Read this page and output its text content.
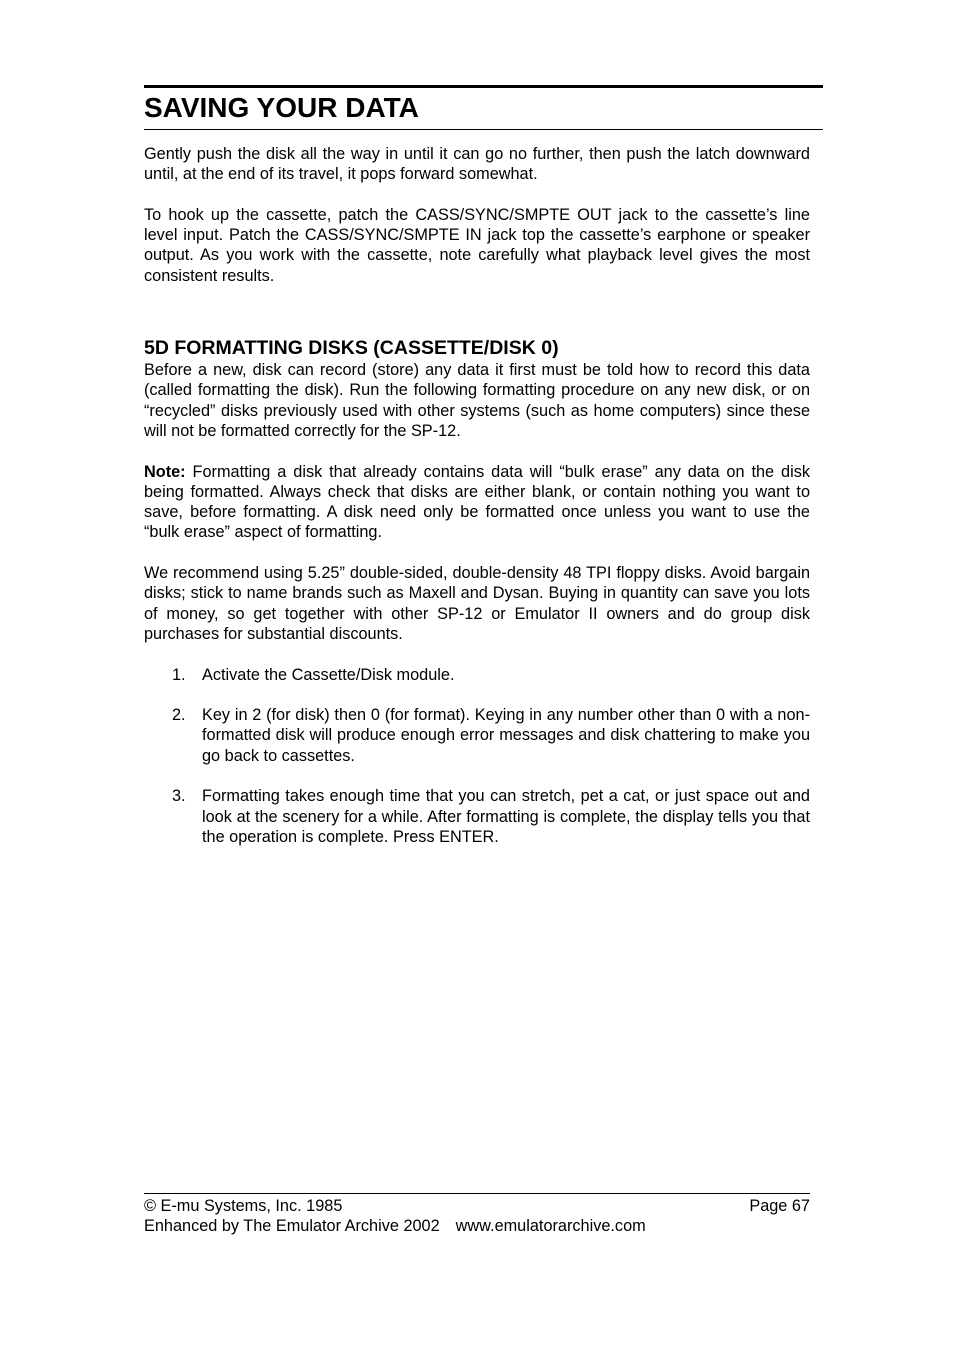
SAVING YOUR DATA

Gently push the disk all the way in until it can go no further, then push the latch downward until, at the end of its travel, it pops forward somewhat.

To hook up the cassette, patch the CASS/SYNC/SMPTE OUT jack to the cassette’s line level input. Patch the CASS/SYNC/SMPTE IN jack top the cassette’s earphone or speaker output. As you work with the cassette, note carefully what playback level gives the most consistent results.

5D FORMATTING DISKS (CASSETTE/DISK 0)

Before a new, disk can record (store) any data it first must be told how to record this data (called formatting the disk). Run the following formatting procedure on any new disk, or on “recycled” disks previously used with other systems (such as home computers) since these will not be formatted correctly for the SP-12.

Note: Formatting a disk that already contains data will “bulk erase” any data on the disk being formatted. Always check that disks are either blank, or contain nothing you want to save, before formatting. A disk need only be formatted once unless you want to use the “bulk erase” aspect of formatting.

We recommend using 5.25” double-sided, double-density 48 TPI floppy disks. Avoid bargain disks; stick to name brands such as Maxell and Dysan. Buying in quantity can save you lots of money, so get together with other SP-12 or Emulator II owners and do group disk purchases for substantial discounts.

1. Activate the Cassette/Disk module.
2. Key in 2 (for disk) then 0 (for format). Keying in any number other than 0 with a non-formatted disk will produce enough error messages and disk chattering to make you go back to cassettes.
3. Formatting takes enough time that you can stretch, pet a cat, or just space out and look at the scenery for a while. After formatting is complete, the display tells you that the operation is complete. Press ENTER.
© E-mu Systems, Inc. 1985	Page 67
Enhanced by The Emulator Archive 2002 www.emulatorarchive.com
